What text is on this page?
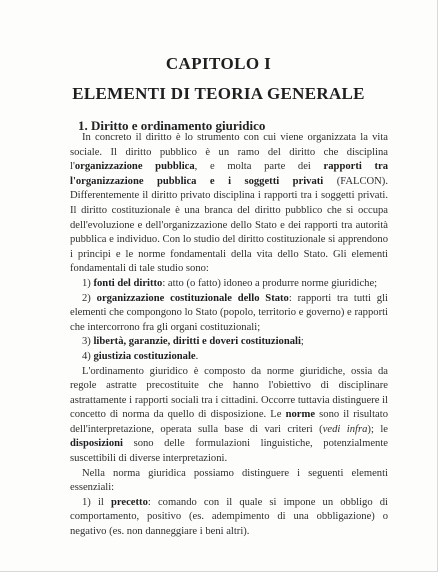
CAPITOLO I
ELEMENTI DI TEORIA GENERALE
1. Diritto e ordinamento giuridico

In concreto il diritto è lo strumento con cui viene organizzata la vita sociale. Il diritto pubblico è un ramo del diritto che disciplina l'organizzazione pubblica, e molta parte dei rapporti tra l'organizzazione pubblica e i soggetti privati (FALCON). Differentemente il diritto privato disciplina i rapporti tra i soggetti privati. Il diritto costituzionale è una branca del diritto pubblico che si occupa dell'evoluzione e dell'organizzazione dello Stato e dei rapporti tra autorità pubblica e individuo. Con lo studio del diritto costituzionale si apprendono i principi e le norme fondamentali della vita dello Stato. Gli elementi fondamentali di tale studio sono:

1) fonti del diritto: atto (o fatto) idoneo a produrre norme giuridiche;

2) organizzazione costituzionale dello Stato: rapporti tra tutti gli elementi che compongono lo Stato (popolo, territorio e governo) e rapporti che intercorrono fra gli organi costituzionali;

3) libertà, garanzie, diritti e doveri costituzionali;

4) giustizia costituzionale.

L'ordinamento giuridico è composto da norme giuridiche, ossia da regole astratte precostituite che hanno l'obiettivo di disciplinare astrattamente i rapporti sociali tra i cittadini. Occorre tuttavia distinguere il concetto di norma da quello di disposizione. Le norme sono il risultato dell'interpretazione, operata sulla base di vari criteri (vedi infra); le disposizioni sono delle formulazioni linguistiche, potenzialmente suscettibili di diverse interpretazioni.

Nella norma giuridica possiamo distinguere i seguenti elementi essenziali:

1) il precetto: comando con il quale si impone un obbligo di comportamento, positivo (es. adempimento di una obbligazione) o negativo (es. non danneggiare i beni altri).
